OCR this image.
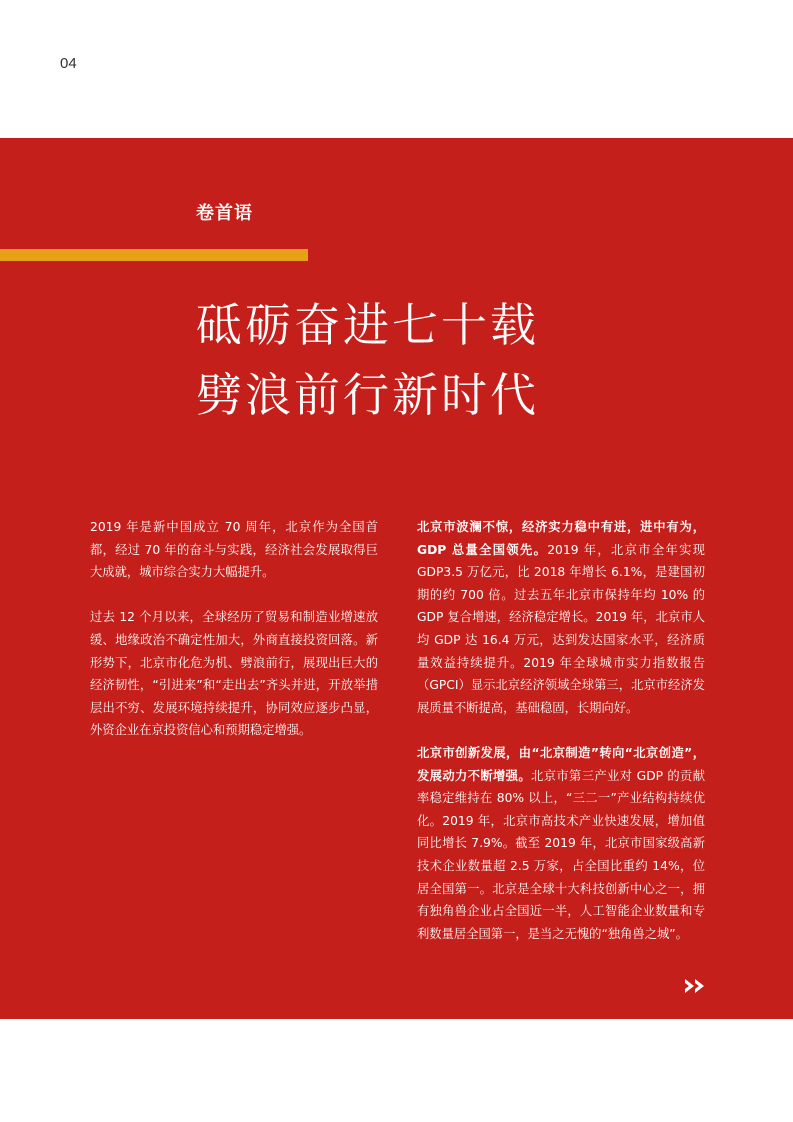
04
卷首语
砥砺奋进七十载
劈浪前行新时代

2019 年是新中国成立 70 周年，北京作为全国首都，经过 70 年的奋斗与实践，经济社会发展取得巨大成就，城市综合实力大幅提升。

过去 12 个月以来，全球经历了贸易和制造业增速放缓、地缘政治不确定性加大，外商直接投资回落。新形势下，北京市化危为机、劈浪前行，展现出巨大的经济韧性，“引进来”和“走出去”齐头并进，开放举措层出不穷、发展环境持续提升，协同效应逐步凸显，外资企业在京投资信心和预期稳定增强。

北京市波澜不惊，经济实力稳中有进，进中有为，GDP 总量全国领先。2019 年，北京市全年实现 GDP3.5 万亿元，比 2018 年增长 6.1%，是建国初期的约 700 倍。过去五年北京市保持年均 10% 的 GDP 复合增速，经济稳定增长。2019 年，北京市人均 GDP 达 16.4 万元，达到发达国家水平，经济质量效益持续提升。2019 年全球城市实力指数报告（GPCI）显示北京经济领域全球第三，北京市经济发展质量不断提高，基础稳固，长期向好。

北京市创新发展，由“北京制造”转向“北京创造”，发展动力不断增强。北京市第三产业对 GDP 的贡献率稳定维持在 80% 以上，“三二一”产业结构持续优化。2019 年，北京市高技术产业快速发展，增加值同比增长 7.9%。截至 2019 年，北京市国家级高新技术企业数量超 2.5 万家，占全国比重约 14%，位居全国第一。北京是全球十大科技创新中心之一，拥有独角兽企业占全国近一半，人工智能企业数量和专利数量居全国第一，是当之无愧的“独角兽之城”。
